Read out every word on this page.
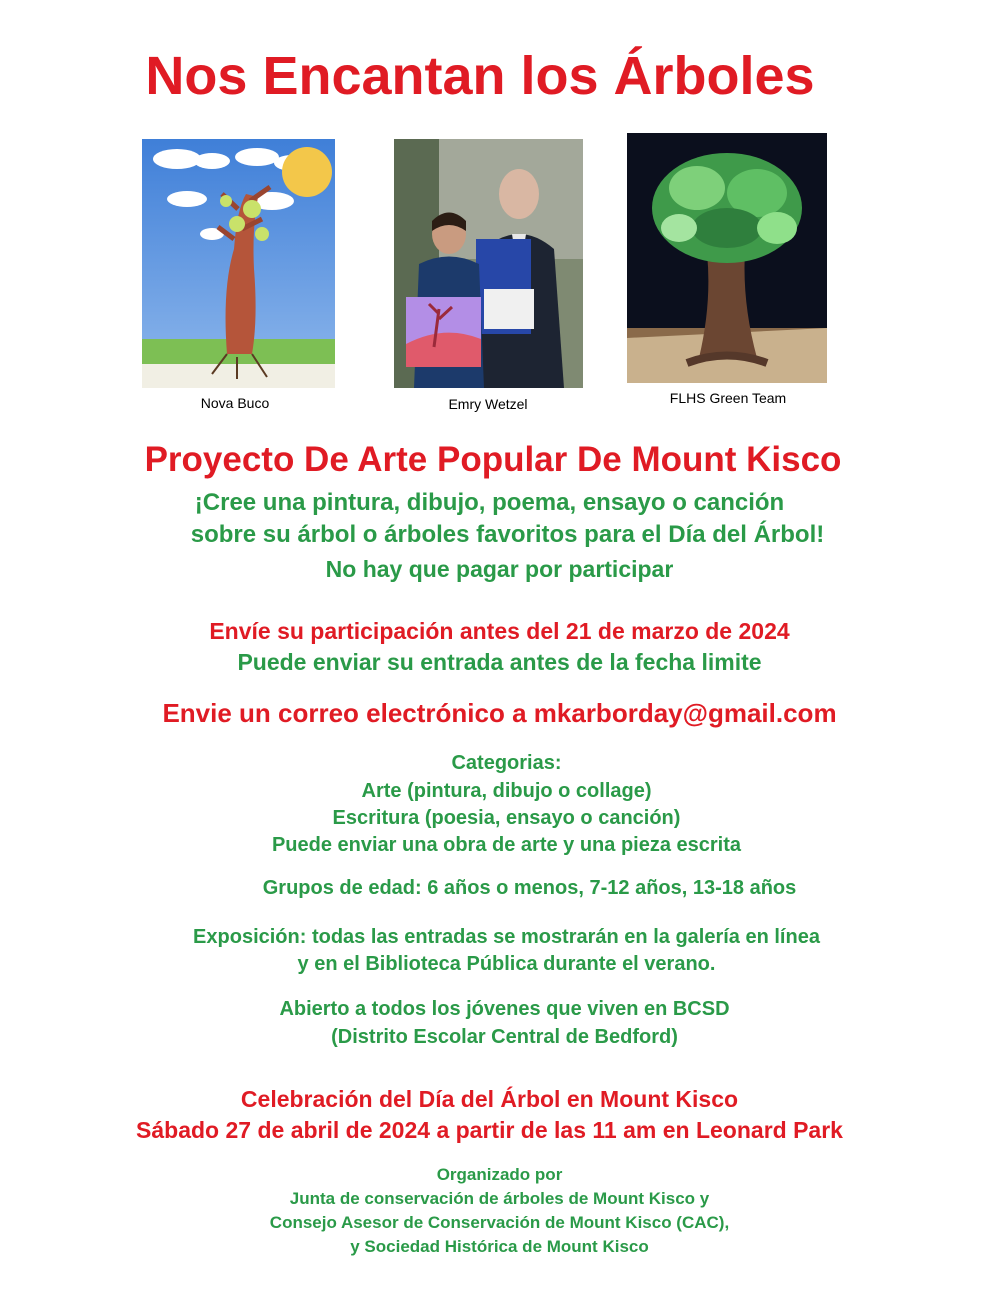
Nos Encantan los Árboles
Nova Buco	Emry Wetzel	FLHS Green Team
Proyecto De Arte Popular De Mount Kisco
¡Cree una pintura, dibujo, poema, ensayo o canción
sobre su árbol o árboles favoritos para el Día del Árbol!
No hay que pagar por participar
Envíe su participación antes del 21 de marzo de 2024
Puede enviar su entrada antes de la fecha limite
Envie un correo electrónico a mkarborday@gmail.com
Categorias:
Arte (pintura, dibujo o collage)
Escritura (poesia, ensayo o canción)
Puede enviar una obra de arte y una pieza escrita
Grupos de edad: 6 años o menos, 7-12 años, 13-18 años
Exposición: todas las entradas se mostrarán en la galería en línea
y en el Biblioteca Pública durante el verano.
Abierto a todos los jóvenes que viven en BCSD
(Distrito Escolar Central de Bedford)
Celebración del Día del Árbol en Mount Kisco
Sábado 27 de abril de 2024 a partir de las 11 am en Leonard Park
Organizado por
Junta de conservación de árboles de Mount Kisco y
Consejo Asesor de Conservación de Mount Kisco (CAC),
y Sociedad Histórica de Mount Kisco
